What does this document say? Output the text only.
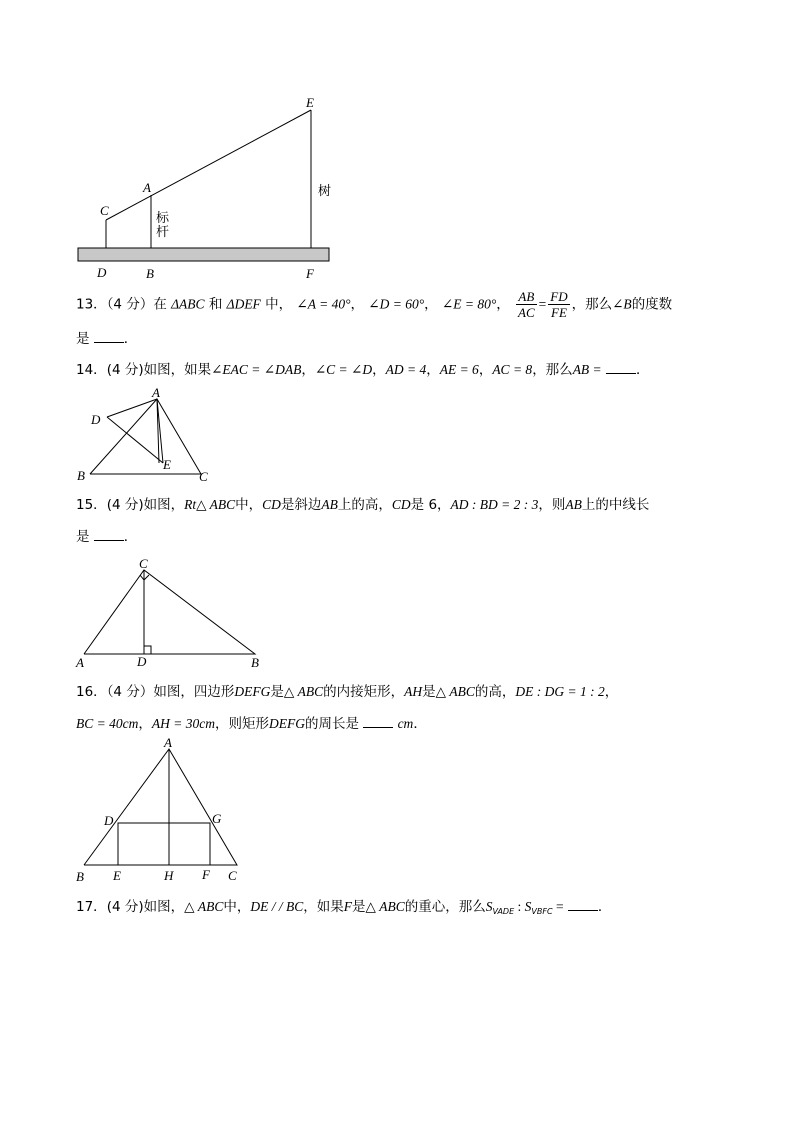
E
A
C
D	B	F
树
标
杆
13．（4 分）在 ΔABC 和 ΔDEF 中， ∠A = 40°， ∠D = 60°， ∠E = 80°， $\frac{AB}{AC} = \frac{FD}{FE}$ ，那么∠B的度数
是	．
14．(4 分)如图，如果∠EAC = ∠DAB，∠C = ∠D，AD = 4，AE = 6，AC = 8，那么AB =	．
A
D
B
E
C
15．(4 分)如图，Rt△ ABC中，CD是斜边AB上的高，CD是 6，AD : BD = 2 : 3，则AB上的中线长
是	．
C
A	D	B
16．（4 分）如图，四边形DEFG是△ ABC的内接矩形，AH是△ ABC的高，DE : DG = 1 : 2，
BC = 40cm，AH = 30cm，则矩形DEFG的周长是	cm．
A
D	G
B E	H F C
17．(4 分)如图，△ ABC中，DE / / BC，如果F是△ ABC的重心，那么$S_{VADE}$ : $S_{VBFC}$ =	．
